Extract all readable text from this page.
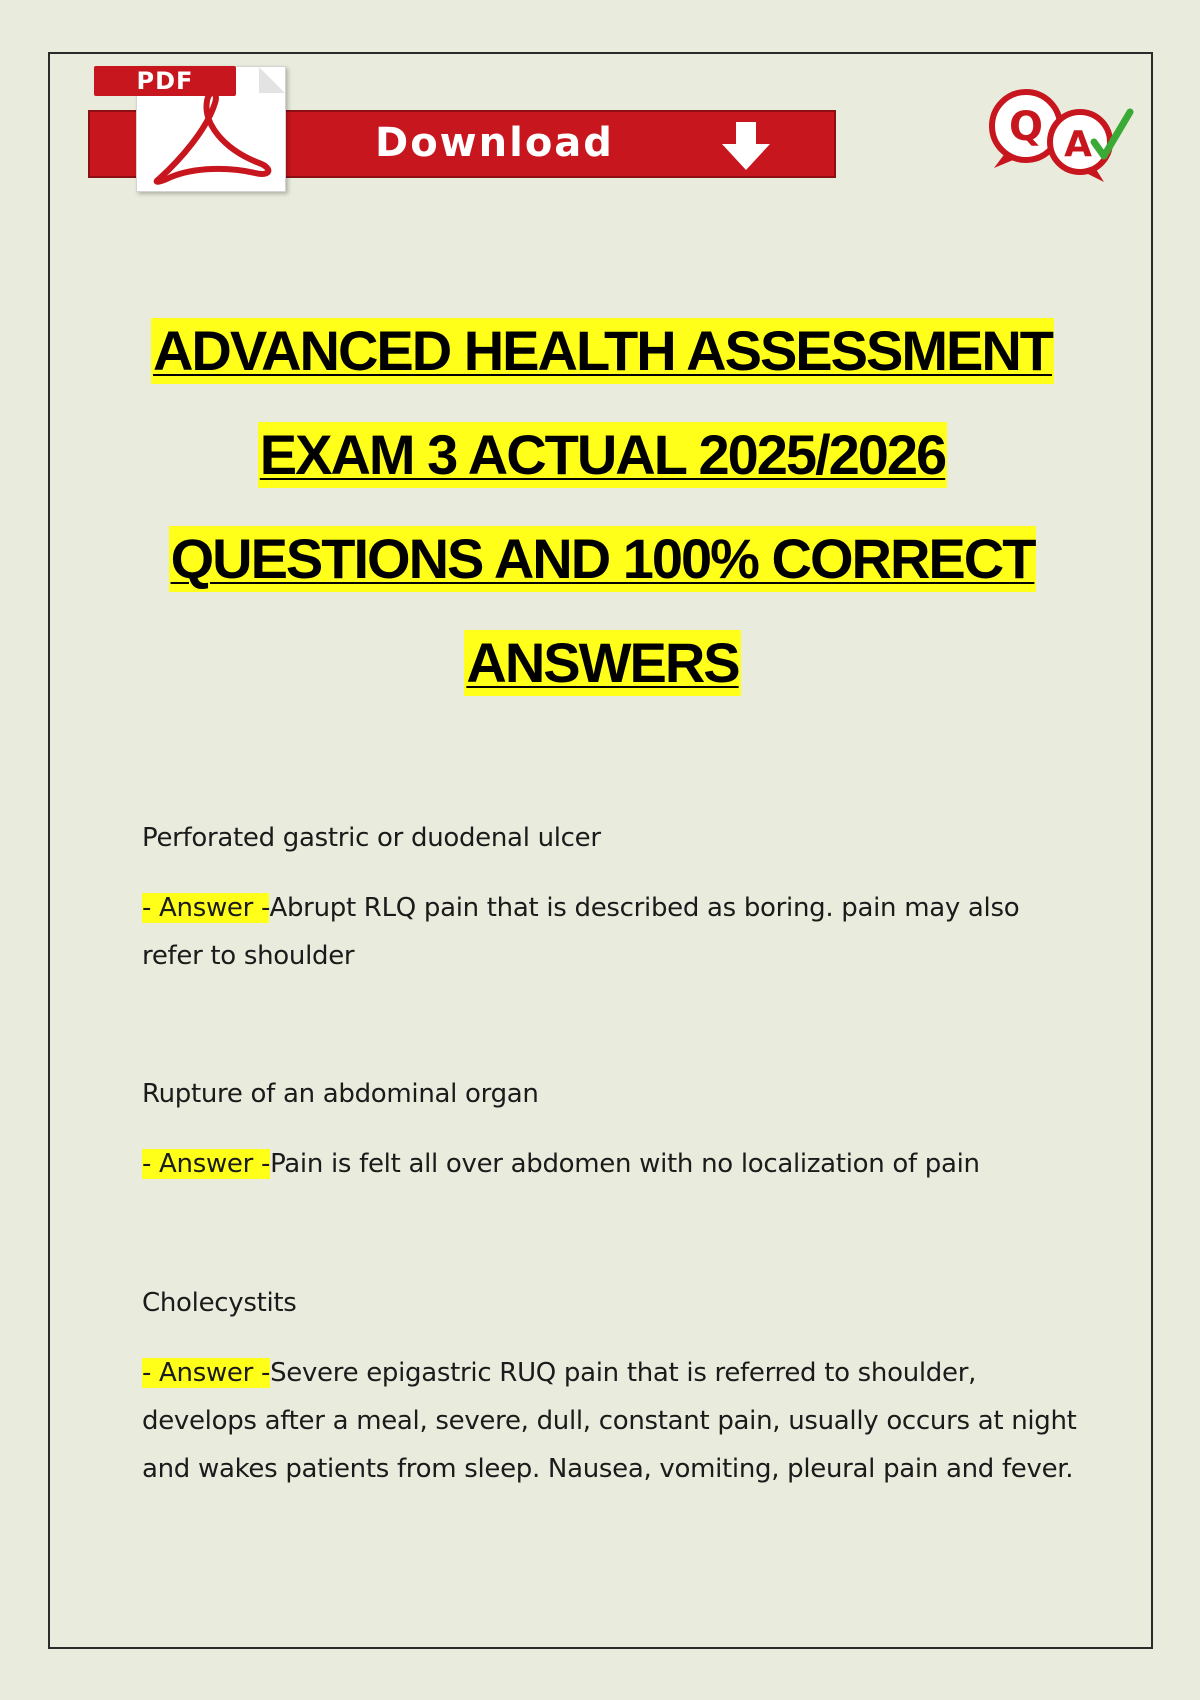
PDF
Download	Q A
ADVANCED HEALTH ASSESSMENT
EXAM 3 ACTUAL 2025/2026
QUESTIONS AND 100% CORRECT
ANSWERS
Perforated gastric or duodenal ulcer
- Answer -Abrupt RLQ pain that is described as boring. pain may also refer to shoulder
Rupture of an abdominal organ
- Answer -Pain is felt all over abdomen with no localization of pain
Cholecystits
- Answer -Severe epigastric RUQ pain that is referred to shoulder, develops after a meal, severe, dull, constant pain, usually occurs at night and wakes patients from sleep. Nausea, vomiting, pleural pain and fever.
